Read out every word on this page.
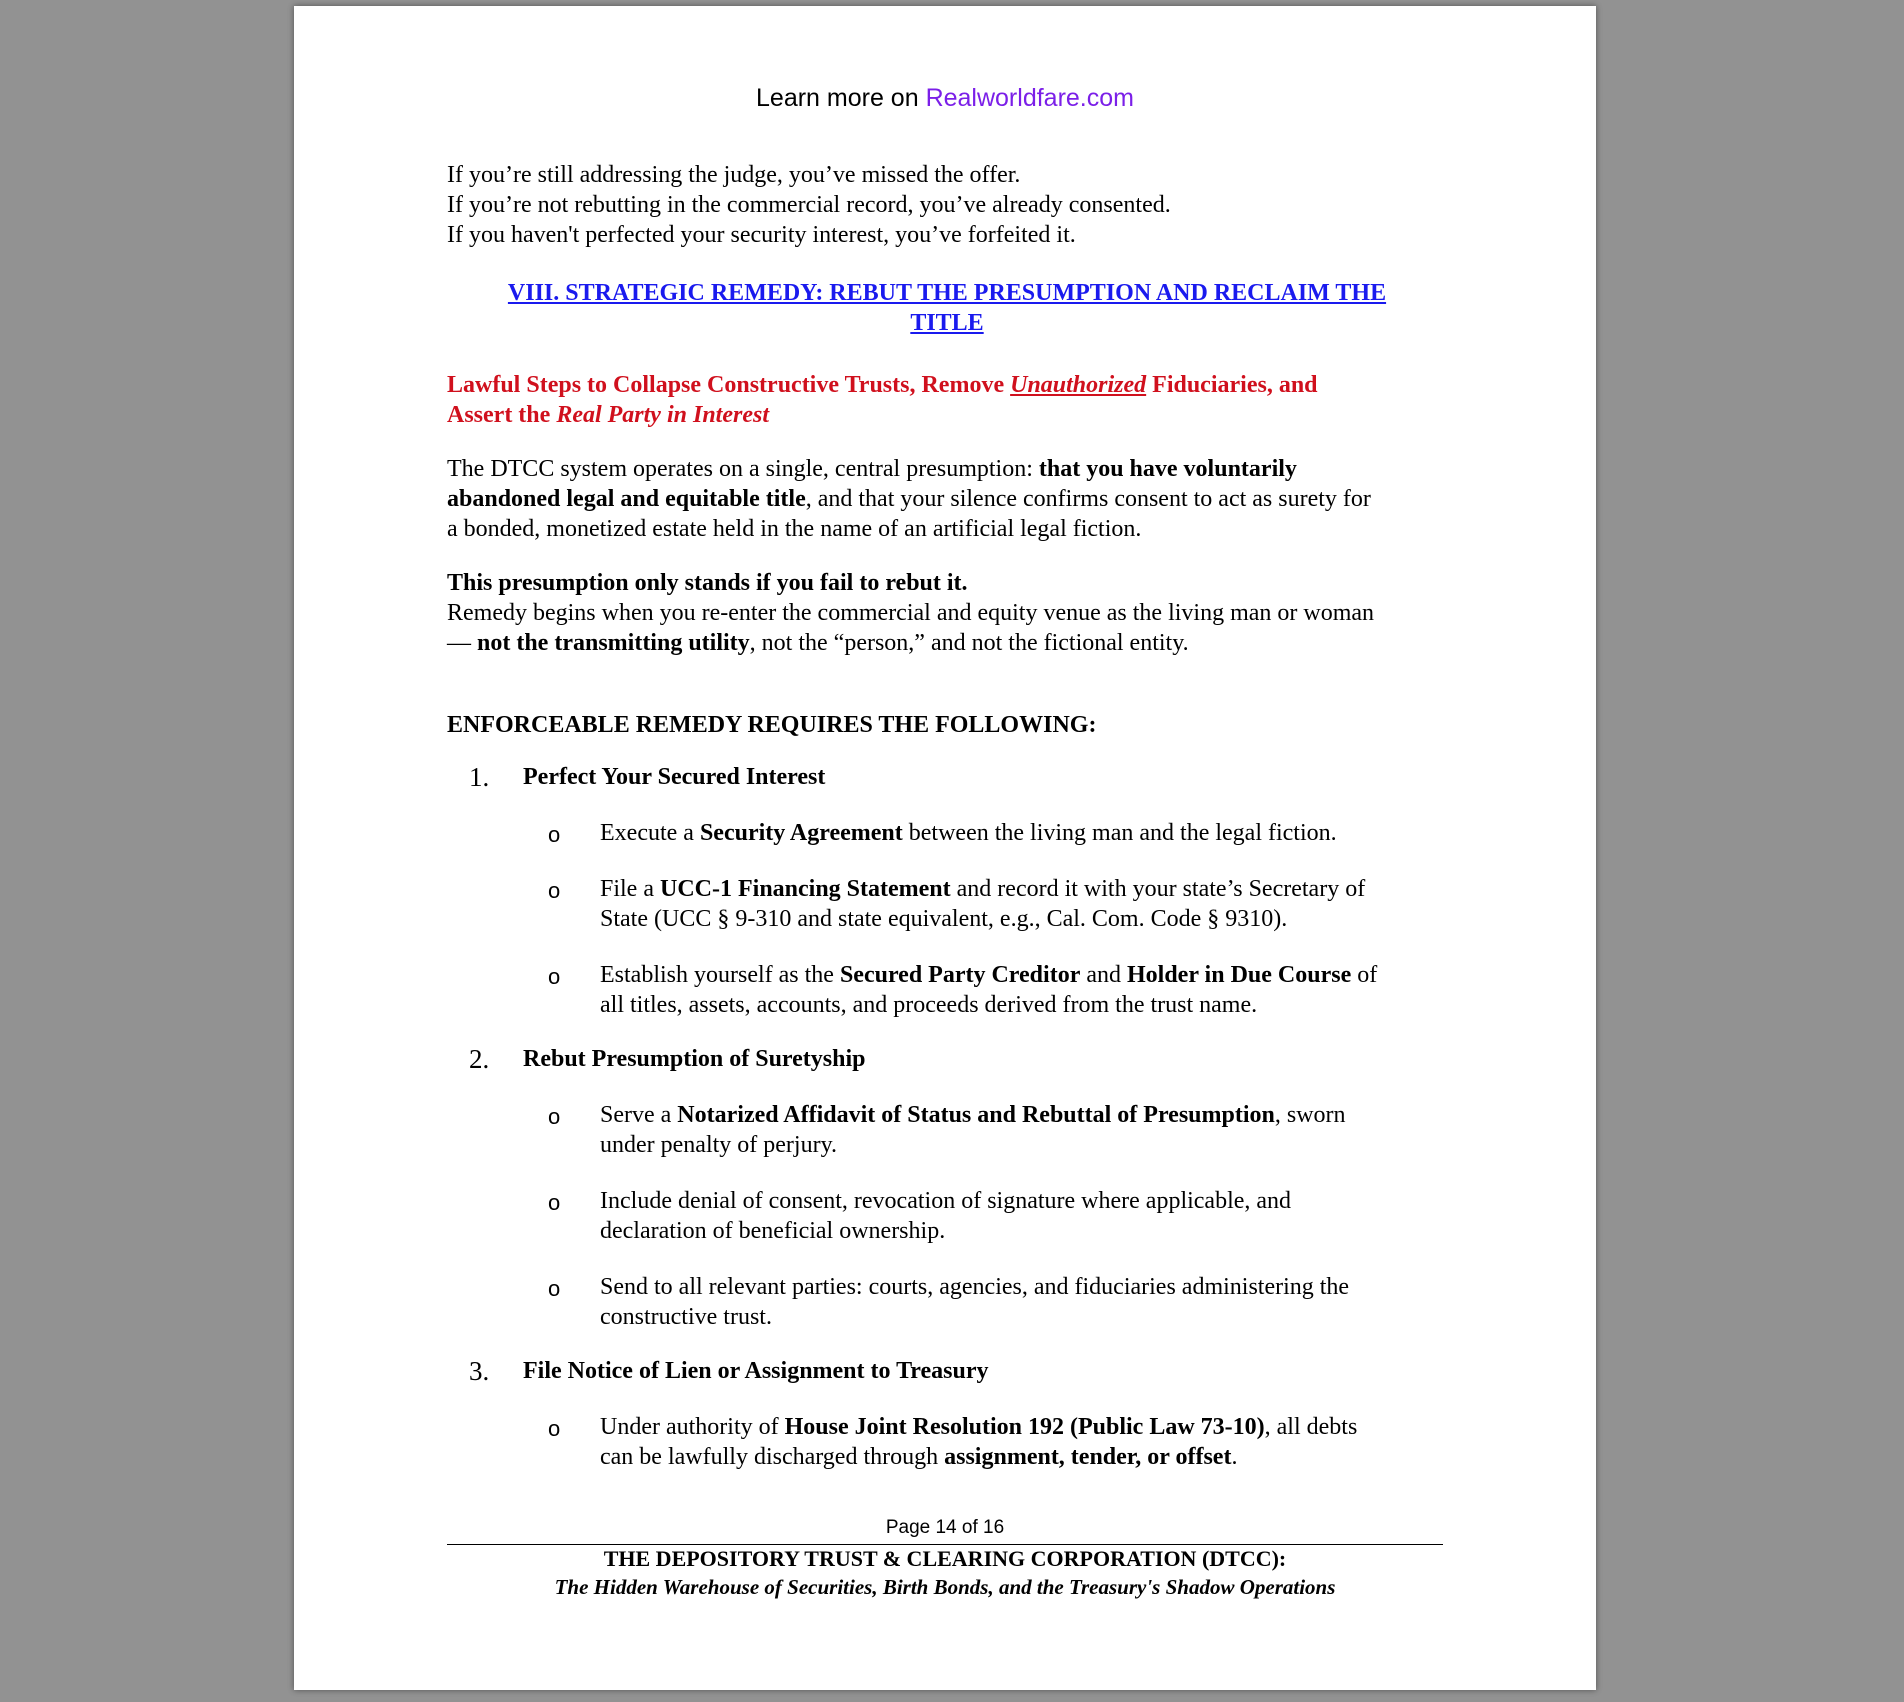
Learn more on Realworldfare.com

If you’re still addressing the judge, you’ve missed the offer.

If you’re not rebutting in the commercial record, you’ve already consented.

If you haven't perfected your security interest, you’ve forfeited it.

VIII. STRATEGIC REMEDY: REBUT THE PRESUMPTION AND RECLAIM THE
TITLE
Lawful Steps to Collapse Constructive Trusts, Remove Unauthorized Fiduciaries, and
Assert the Real Party in Interest

The DTCC system operates on a single, central presumption: that you have voluntarily

abandoned legal and equitable title, and that your silence confirms consent to act as surety for

a bonded, monetized estate held in the name of an artificial legal fiction.

This presumption only stands if you fail to rebut it.

Remedy begins when you re-enter the commercial and equity venue as the living man or woman

— not the transmitting utility, not the “person,” and not the fictional entity.

ENFORCEABLE REMEDY REQUIRES THE FOLLOWING:
1. Perfect Your Secured Interest
o Execute a Security Agreement between the living man and the legal fiction.
o File a UCC-1 Financing Statement and record it with your state’s Secretary of
State (UCC § 9-310 and state equivalent, e.g., Cal. Com. Code § 9310).
o Establish yourself as the Secured Party Creditor and Holder in Due Course of
all titles, assets, accounts, and proceeds derived from the trust name.
2. Rebut Presumption of Suretyship
o Serve a Notarized Affidavit of Status and Rebuttal of Presumption, sworn
under penalty of perjury.
o Include denial of consent, revocation of signature where applicable, and
declaration of beneficial ownership.
o Send to all relevant parties: courts, agencies, and fiduciaries administering the
constructive trust.
3. File Notice of Lien or Assignment to Treasury
o Under authority of House Joint Resolution 192 (Public Law 73-10), all debts
can be lawfully discharged through assignment, tender, or offset.
Page 14 of 16
THE DEPOSITORY TRUST & CLEARING CORPORATION (DTCC):
The Hidden Warehouse of Securities, Birth Bonds, and the Treasury's Shadow Operations
